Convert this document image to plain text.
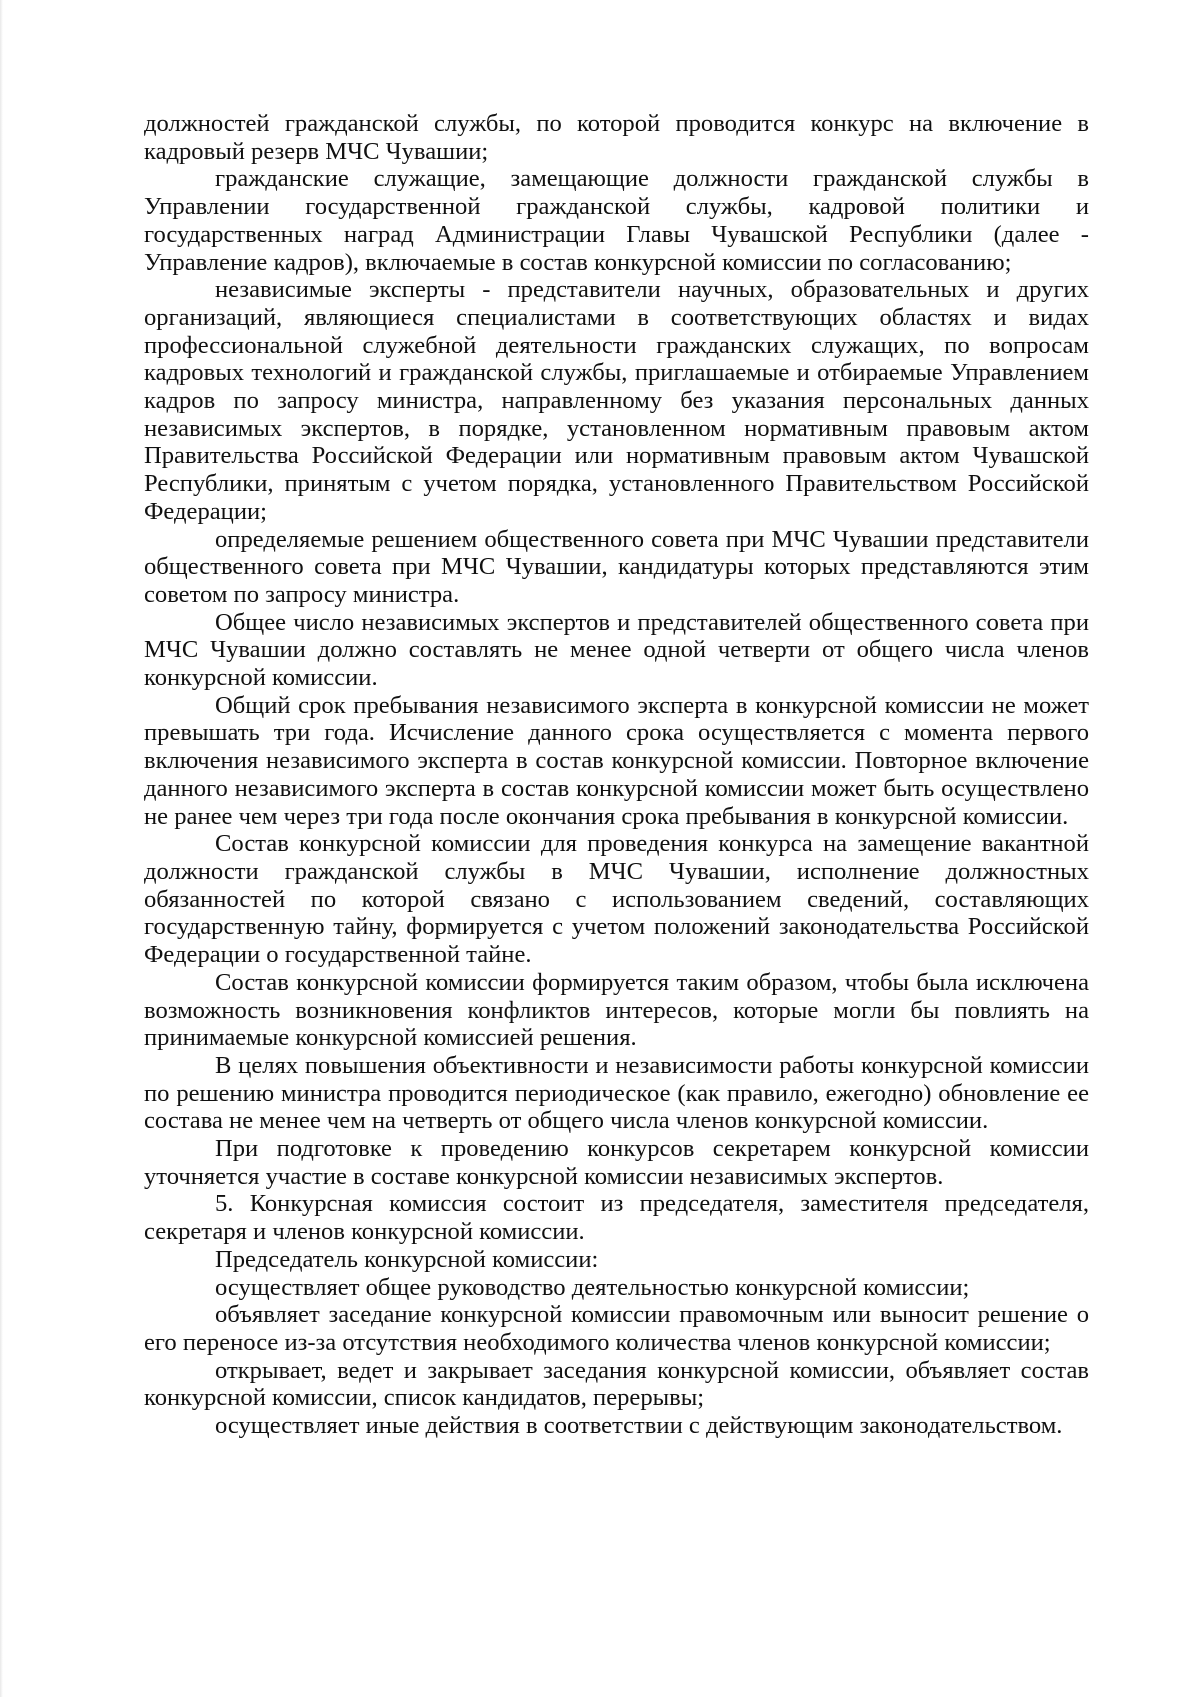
должностей гражданской службы, по которой проводится конкурс на включение в кадровый резерв МЧС Чувашии;

гражданские служащие, замещающие должности гражданской службы в Управлении государственной гражданской службы, кадровой политики и государственных наград Администрации Главы Чувашской Республики (далее - Управление кадров), включаемые в состав конкурсной комиссии по согласованию;

независимые эксперты - представители научных, образовательных и других организаций, являющиеся специалистами в соответствующих областях и видах профессиональной служебной деятельности гражданских служащих, по вопросам кадровых технологий и гражданской службы, приглашаемые и отбираемые Управлением кадров по запросу министра, направленному без указания персональных данных независимых экспертов, в порядке, установленном нормативным правовым актом Правительства Российской Федерации или нормативным правовым актом Чувашской Республики, принятым с учетом порядка, установленного Правительством Российской Федерации;

определяемые решением общественного совета при МЧС Чувашии представители общественного совета при МЧС Чувашии, кандидатуры которых представляются этим советом по запросу министра.

Общее число независимых экспертов и представителей общественного совета при МЧС Чувашии должно составлять не менее одной четверти от общего числа членов конкурсной комиссии.

Общий срок пребывания независимого эксперта в конкурсной комиссии не может превышать три года. Исчисление данного срока осуществляется с момента первого включения независимого эксперта в состав конкурсной комиссии. Повторное включение данного независимого эксперта в состав конкурсной комиссии может быть осуществлено не ранее чем через три года после окончания срока пребывания в конкурсной комиссии.

Состав конкурсной комиссии для проведения конкурса на замещение вакантной должности гражданской службы в МЧС Чувашии, исполнение должностных обязанностей по которой связано с использованием сведений, составляющих государственную тайну, формируется с учетом положений законодательства Российской Федерации о государственной тайне.

Состав конкурсной комиссии формируется таким образом, чтобы была исключена возможность возникновения конфликтов интересов, которые могли бы повлиять на принимаемые конкурсной комиссией решения.

В целях повышения объективности и независимости работы конкурсной комиссии по решению министра проводится периодическое (как правило, ежегодно) обновление ее состава не менее чем на четверть от общего числа членов конкурсной комиссии.

При подготовке к проведению конкурсов секретарем конкурсной комиссии уточняется участие в составе конкурсной комиссии независимых экспертов.

5. Конкурсная комиссия состоит из председателя, заместителя председателя, секретаря и членов конкурсной комиссии.

Председатель конкурсной комиссии:

осуществляет общее руководство деятельностью конкурсной комиссии;

объявляет заседание конкурсной комиссии правомочным или выносит решение о его переносе из-за отсутствия необходимого количества членов конкурсной комиссии;

открывает, ведет и закрывает заседания конкурсной комиссии, объявляет состав конкурсной комиссии, список кандидатов, перерывы;

осуществляет иные действия в соответствии с действующим законодательством.
